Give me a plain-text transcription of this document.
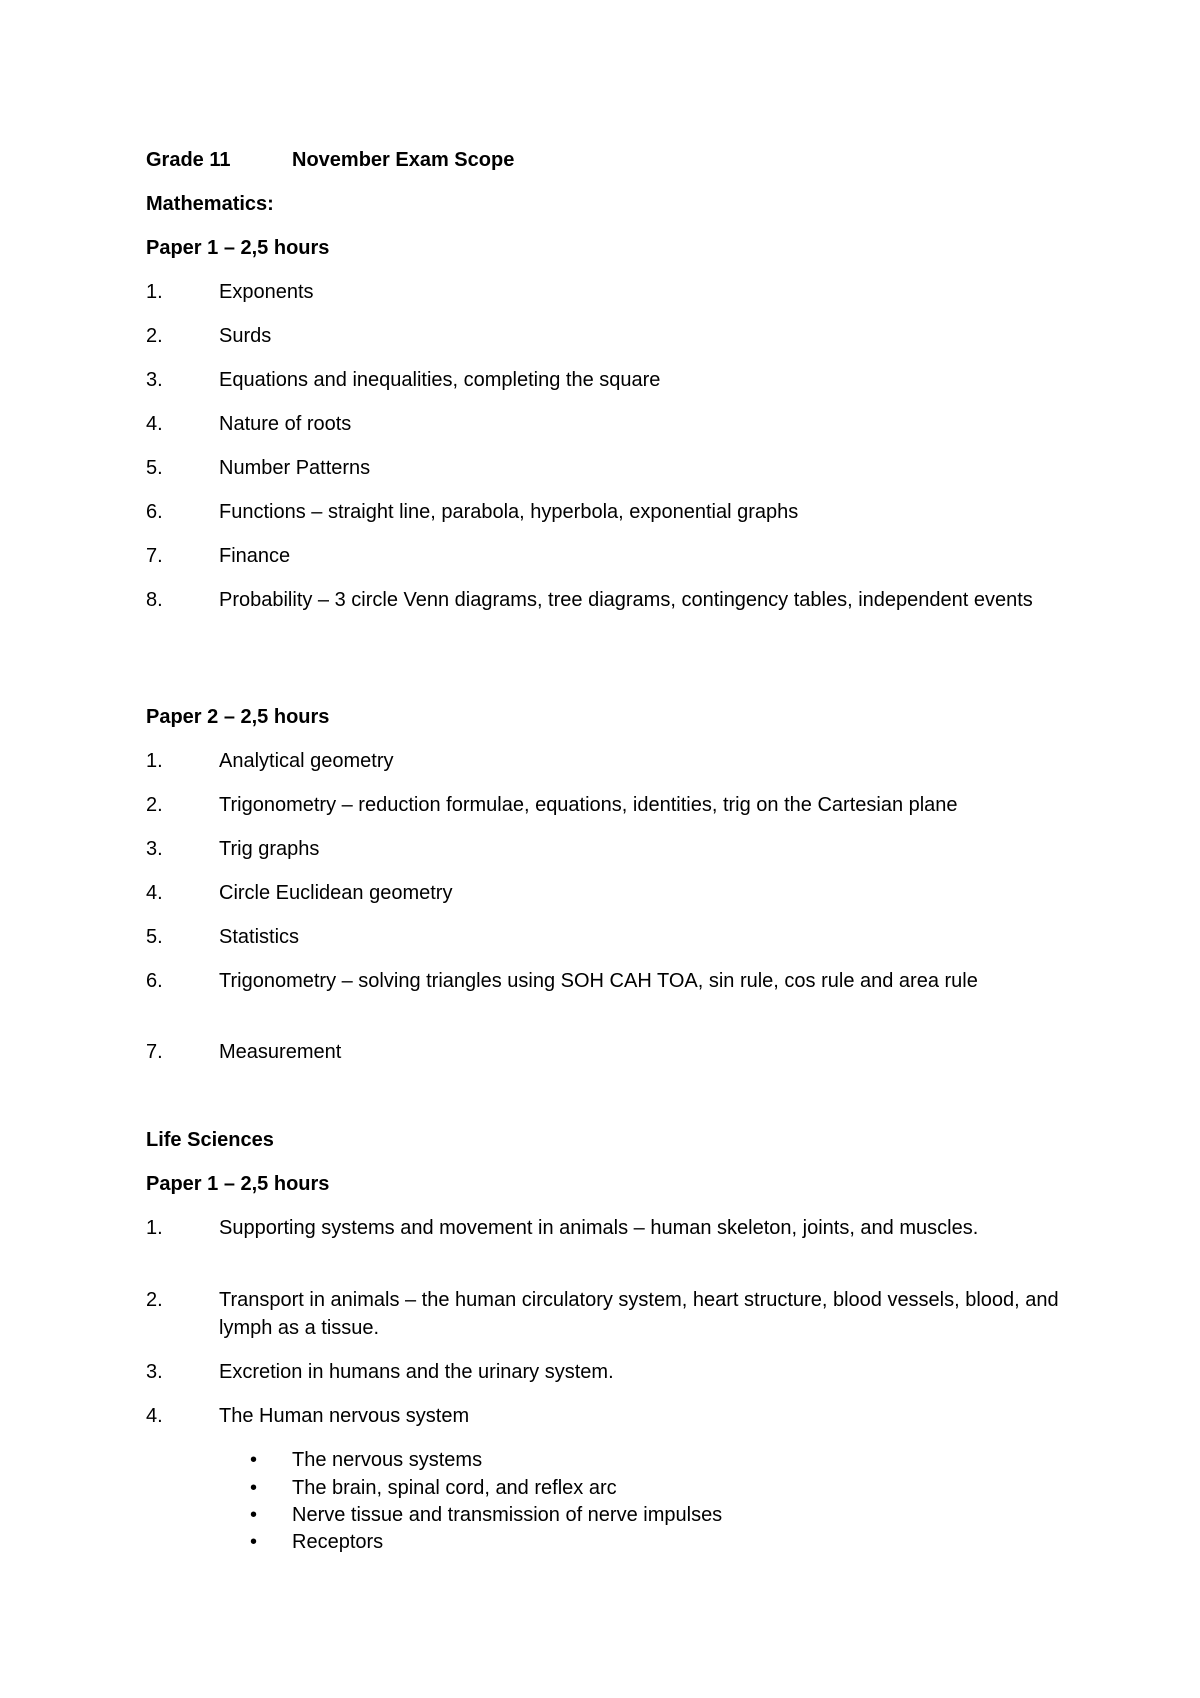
Grade 11	November Exam Scope
Mathematics:
Paper 1 – 2,5 hours
1.	Exponents
2.	Surds
3.	Equations and inequalities, completing the square
4.	Nature of roots
5.	Number Patterns
6.	Functions – straight line, parabola, hyperbola, exponential graphs
7.	Finance
8.	Probability – 3 circle Venn diagrams, tree diagrams, contingency tables, independent events
Paper 2 – 2,5 hours
1.	Analytical geometry
2.	Trigonometry – reduction formulae, equations, identities, trig on the Cartesian plane
3.	Trig graphs
4.	Circle Euclidean geometry
5.	Statistics
6.	Trigonometry – solving triangles using SOH CAH TOA, sin rule, cos rule and area rule
7.	Measurement
Life Sciences
Paper 1 – 2,5 hours
1.	Supporting systems and movement in animals – human skeleton, joints, and muscles.
2.	Transport in animals – the human circulatory system, heart structure, blood vessels, blood, and lymph as a tissue.
3.	Excretion in humans and the urinary system.
4.	The Human nervous system
• The nervous systems
• The brain, spinal cord, and reflex arc
• Nerve tissue and transmission of nerve impulses
• Receptors
